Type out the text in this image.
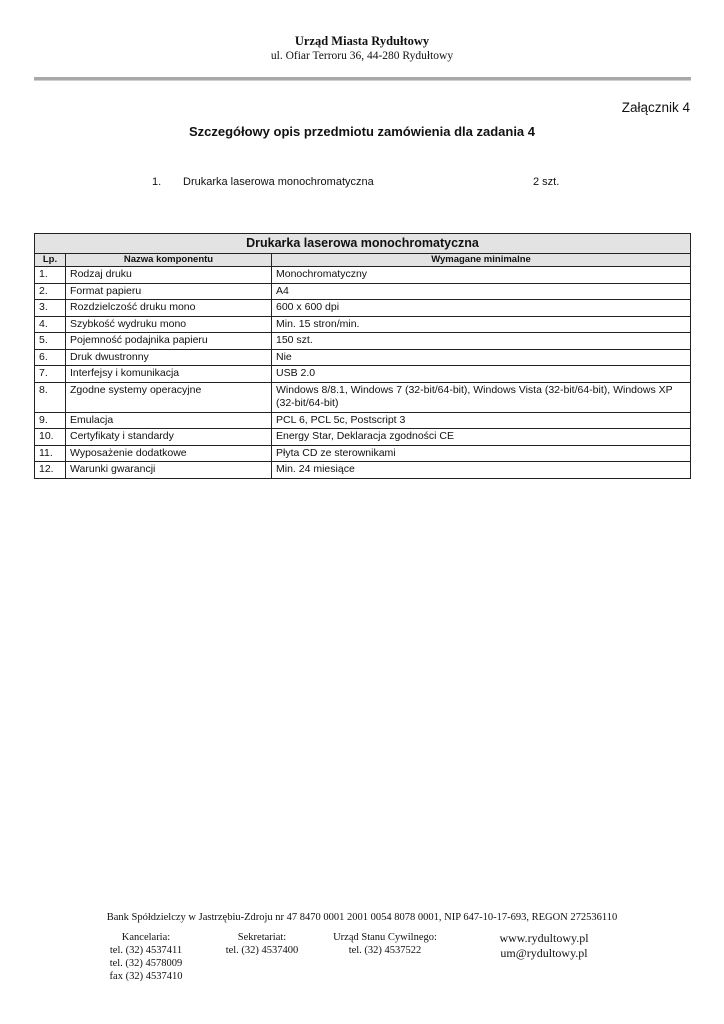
Urząd Miasta Rydułtowy
ul. Ofiar Terroru 36, 44-280 Rydułtowy
Załącznik 4
Szczegółowy opis przedmiotu zamówienia dla zadania 4
1. Drukarka laserowa monochromatyczna	2 szt.
Drukarka laserowa monochromatyczna		
Lp.	Nazwa komponentu	Wymagane minimalne
1.	Rodzaj druku	Monochromatyczny
2.	Format papieru	A4
3.	Rozdzielczość druku mono	600 x 600 dpi
4.	Szybkość wydruku mono	Min. 15 stron/min.
5.	Pojemność podajnika papieru	150 szt.
6.	Druk dwustronny	Nie
7.	Interfejsy i komunikacja	USB 2.0
8.	Zgodne systemy operacyjne	Windows 8/8.1, Windows 7 (32-bit/64-bit), Windows Vista (32-bit/64-bit), Windows XP (32-bit/64-bit)
9.	Emulacja	PCL 6, PCL 5c, Postscript 3
10.	Certyfikaty i standardy	Energy Star, Deklaracja zgodności CE
11.	Wyposażenie dodatkowe	Płyta CD ze sterownikami
12.	Warunki gwarancji	Min. 24 miesiące
Bank Spółdzielczy w Jastrzębiu-Zdroju nr 47 8470 0001 2001 0054 8078 0001, NIP 647-10-17-693, REGON 272536110
Kancelaria:
tel. (32) 4537411
tel. (32) 4578009
fax (32) 4537410
Sekretariat:
tel. (32) 4537400
Urząd Stanu Cywilnego:
tel. (32) 4537522
www.rydultowy.pl
um@rydultowy.pl
